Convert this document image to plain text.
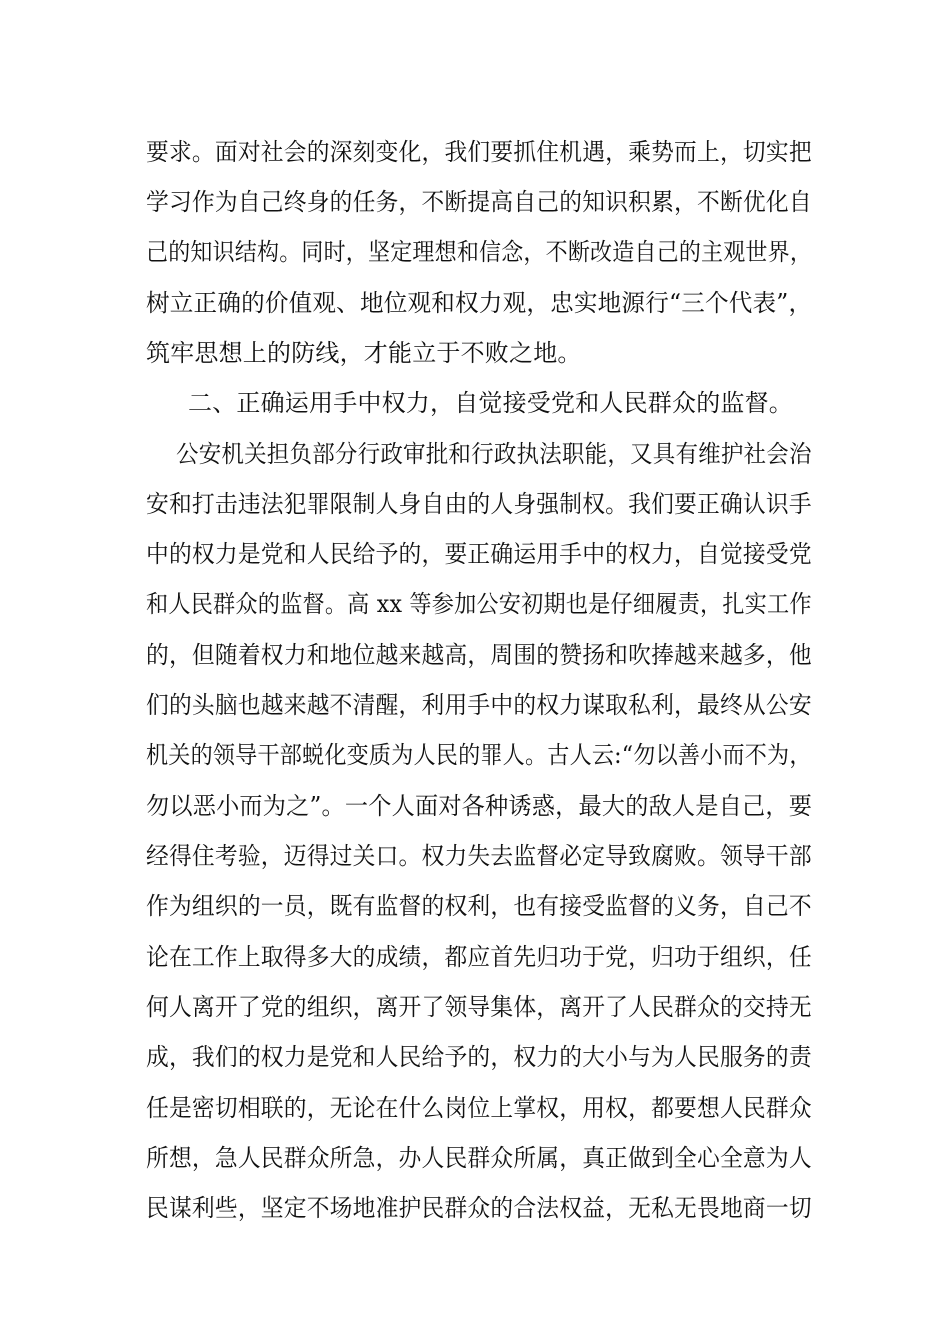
要求。面对社会的深刻变化，我们要抓住机遇，乘势而上，切实把
学习作为自己终身的任务，不断提高自己的知识积累，不断优化自
己的知识结构。同时，坚定理想和信念，不断改造自己的主观世界，
树立正确的价值观、地位观和权力观，忠实地源行“三个代表”，
筑牢思想上的防线，才能立于不败之地。
二、正确运用手中权力，自觉接受党和人民群众的监督。
公安机关担负部分行政审批和行政执法职能，又具有维护社会治
安和打击违法犯罪限制人身自由的人身强制权。我们要正确认识手
中的权力是党和人民给予的，要正确运用手中的权力，自觉接受党
和人民群众的监督。高 xx 等参加公安初期也是仔细履责，扎实工作
的，但随着权力和地位越来越高，周围的赞扬和吹捧越来越多，他
们的头脑也越来越不清醒，利用手中的权力谋取私利，最终从公安
机关的领导干部蜕化变质为人民的罪人。古人云:“勿以善小而不为，
勿以恶小而为之”。一个人面对各种诱惑，最大的敌人是自己，要
经得住考验，迈得过关口。权力失去监督必定导致腐败。领导干部
作为组织的一员，既有监督的权利，也有接受监督的义务，自己不
论在工作上取得多大的成绩，都应首先归功于党，归功于组织，任
何人离开了党的组织，离开了领导集体，离开了人民群众的交持无
成，我们的权力是党和人民给予的，权力的大小与为人民服务的责
任是密切相联的，无论在什么岗位上掌权，用权，都要想人民群众
所想，急人民群众所急，办人民群众所属，真正做到全心全意为人
民谋利些，坚定不场地准护民群众的合法权益，无私无畏地商一切
